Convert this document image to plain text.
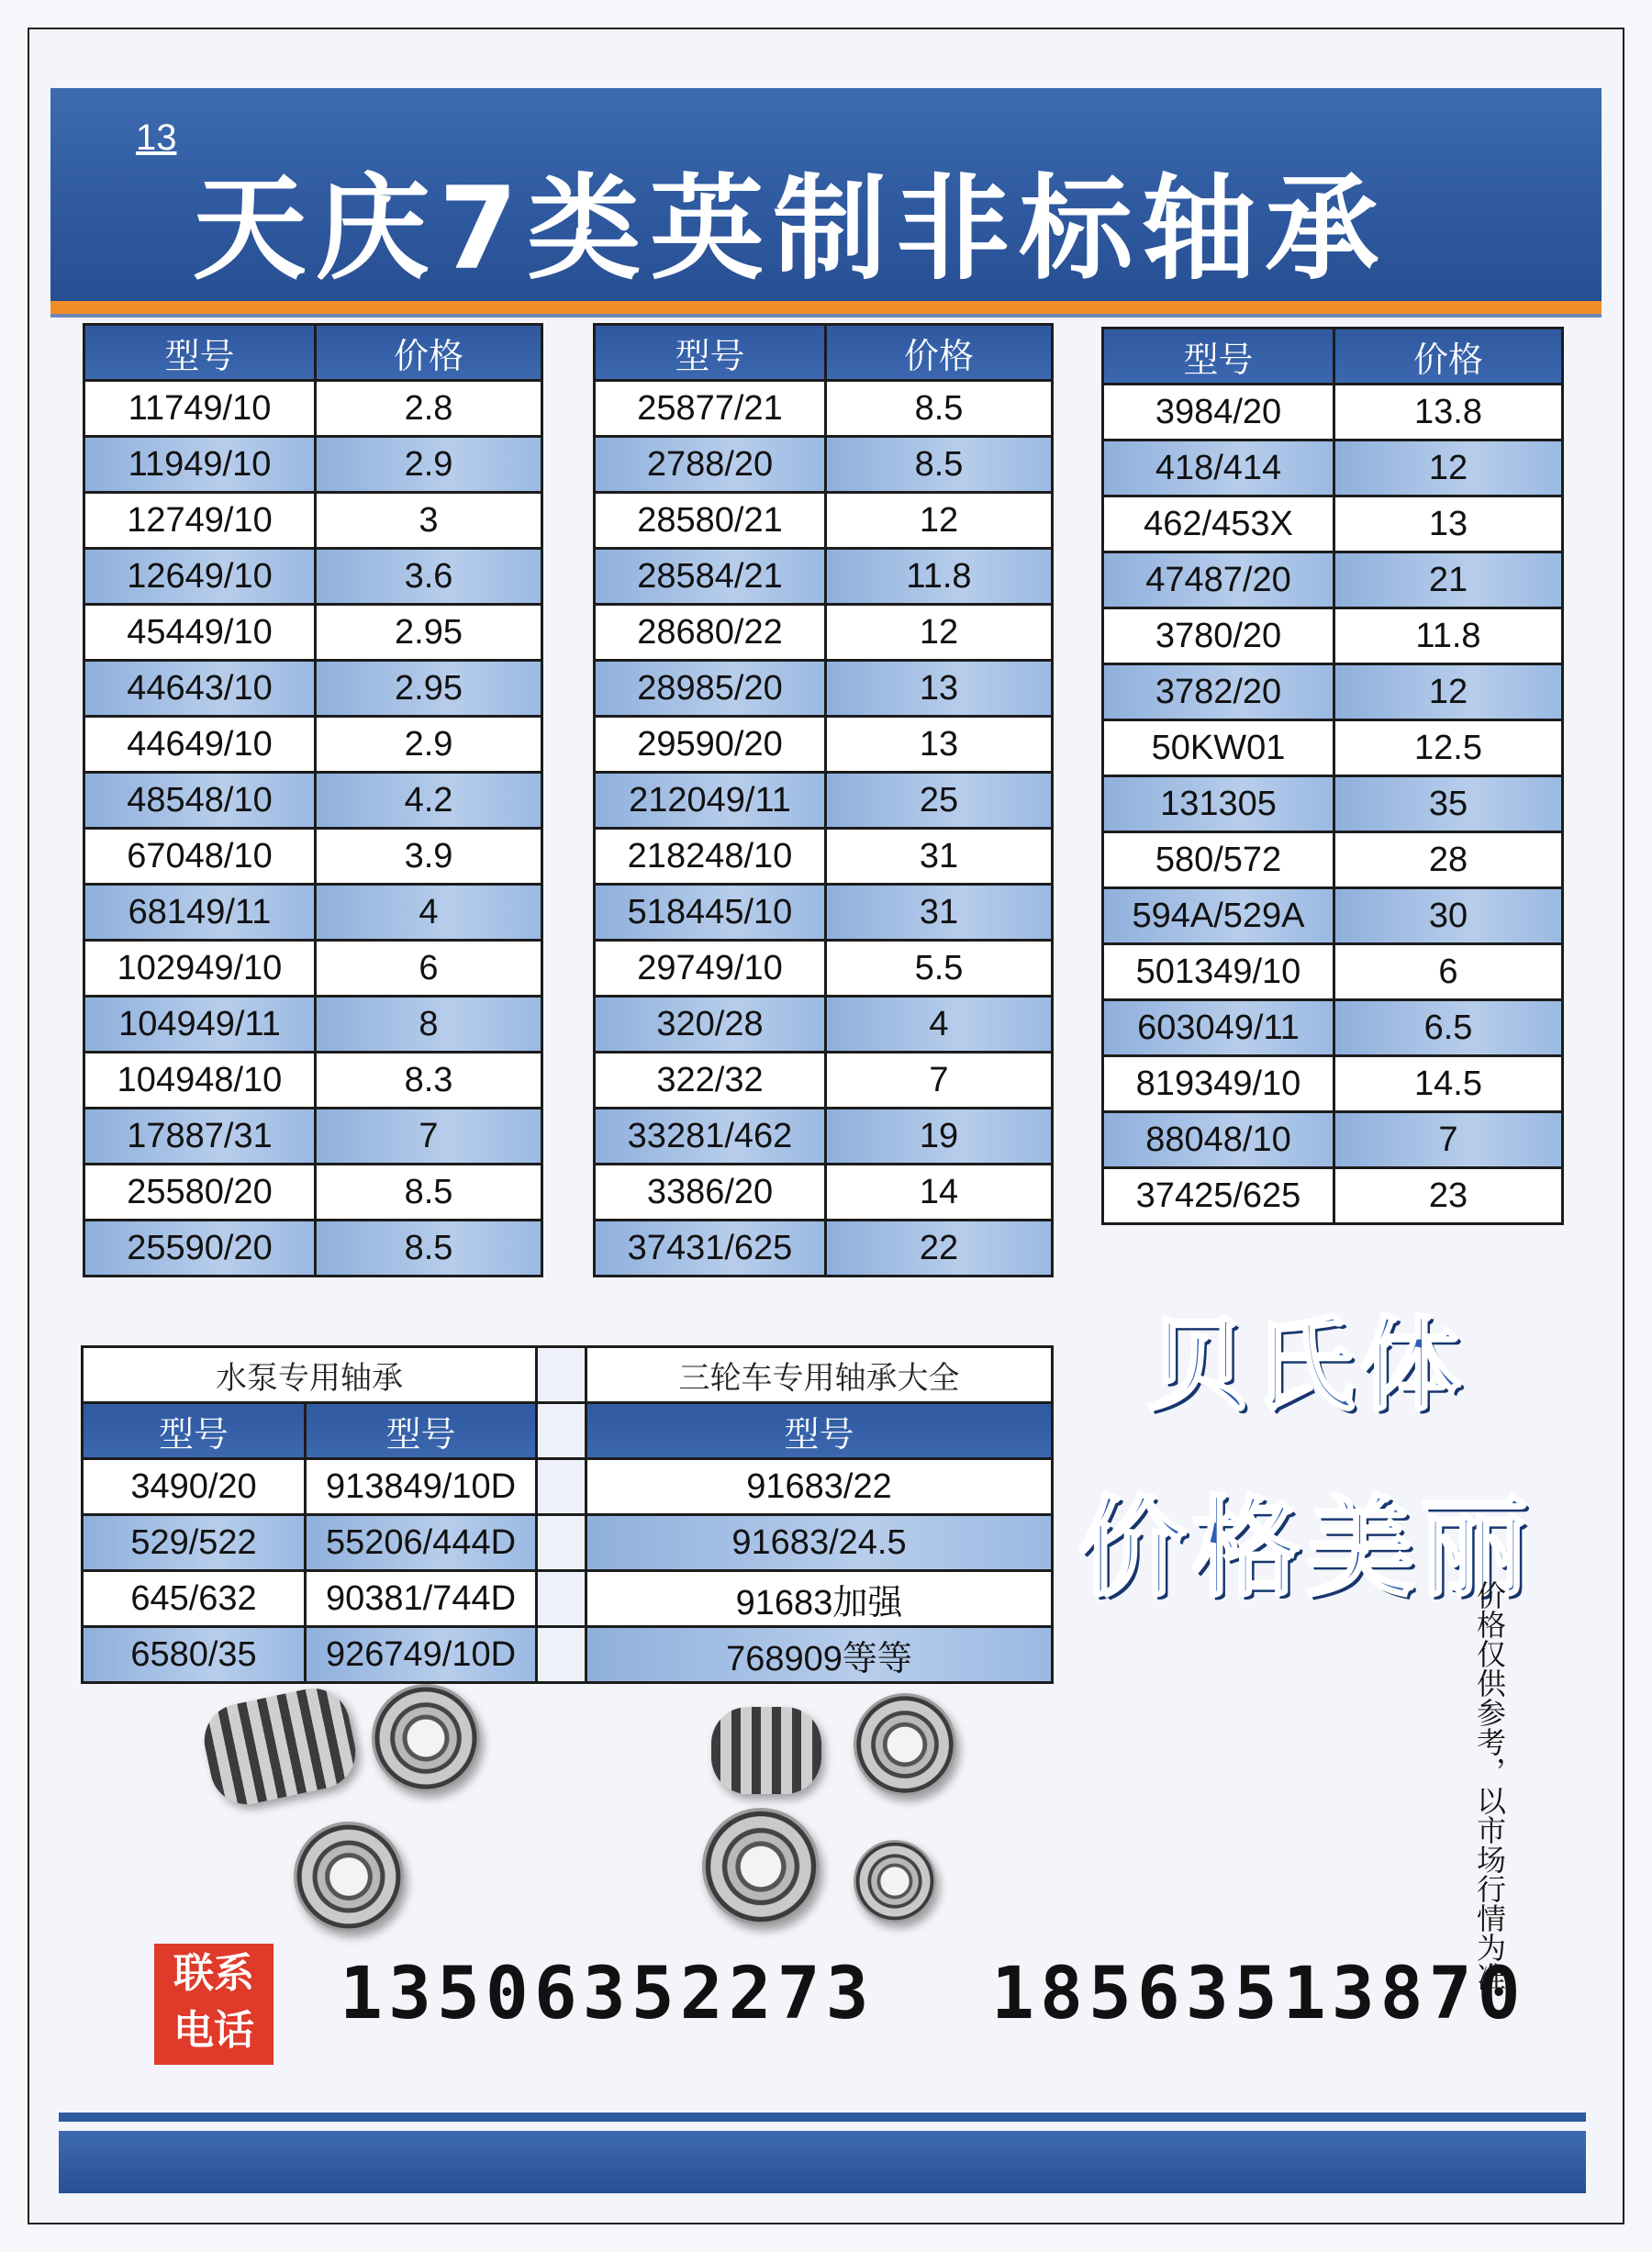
13
天庆7类英制非标轴承
型号	价格
11749/10	2.8
11949/10	2.9
12749/10	3
12649/10	3.6
45449/10	2.95
44643/10	2.95
44649/10	2.9
48548/10	4.2
67048/10	3.9
68149/11	4
102949/10	6
104949/11	8
104948/10	8.3
17887/31	7
25580/20	8.5
25590/20	8.5
型号	价格
25877/21	8.5
2788/20	8.5
28580/21	12
28584/21	11.8
28680/22	12
28985/20	13
29590/20	13
212049/11	25
218248/10	31
518445/10	31
29749/10	5.5
320/28	4
322/32	7
33281/462	19
3386/20	14
37431/625	22
型号	价格
3984/20	13.8
418/414	12
462/453X	13
47487/20	21
3780/20	11.8
3782/20	12
50KW01	12.5
131305	35
580/572	28
594A/529A	30
501349/10	6
603049/11	6.5
819349/10	14.5
88048/10	7
37425/625	23
水泵专用轴承			三轮车专用轴承大全
型号	型号		型号
3490/20	913849/10D		91683/22
529/522	55206/444D		91683/24.5
645/632	90381/744D		91683加强
6580/35	926749/10D		768909等等
贝氏体
价格美丽
价格仅供参考，以市场行情为准
联系
电话 13506352273 18563513870
